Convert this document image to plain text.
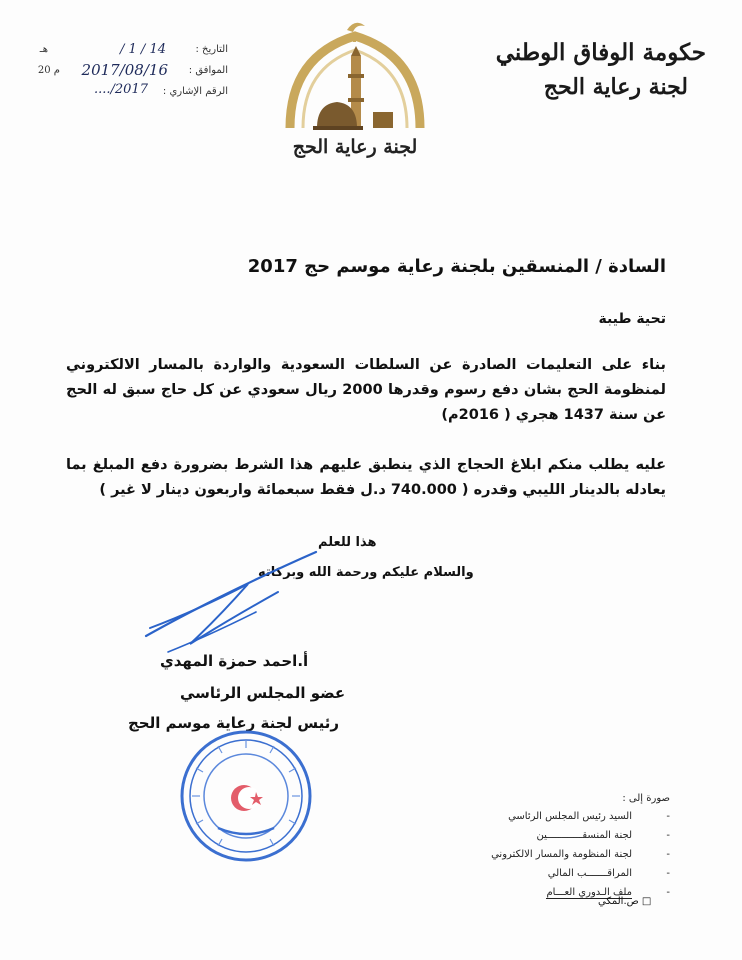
حكومة الوفاق الوطني
لجنة رعاية الحج
لجنة رعاية الحج
التاريخ :
14 / 1 /
هـ
الموافق :
2017/08/16
م 20
الرقم الإشاري :
2017/....
السادة / المنسقين بلجنة رعاية موسم حج 2017
تحية طيبة
بناء على التعليمات الصادرة عن السلطات السعودية والواردة بالمسار الالكتروني لمنظومة الحج بشان دفع رسوم وقدرها 2000 ريال سعودي عن كل حاج سبق له الحج عن سنة 1437 هجري ( 2016م)
عليه يطلب منكم ابلاغ الحجاج الذي ينطبق عليهم هذا الشرط بضرورة دفع المبلغ بما يعادله بالدينار الليبي وقدره ( 740.000 د.ل فقط سبعمائة واربعون دينار لا غير )
هذا للعلم
والسلام عليكم ورحمة الله وبركاته
أ.احمد حمزة المهدي
عضو المجلس الرئاسي
رئيس لجنة رعاية موسم الحج
صورة إلى :
-
السيد رئيس المجلس الرئاسي
-
لجنة المنسقــــــــــــين
-
لجنة المنظومة والمسار الالكتروني
-
المراقـــــــب المالي
-
ملف الـدوري العـــام
□ ص.المكي
